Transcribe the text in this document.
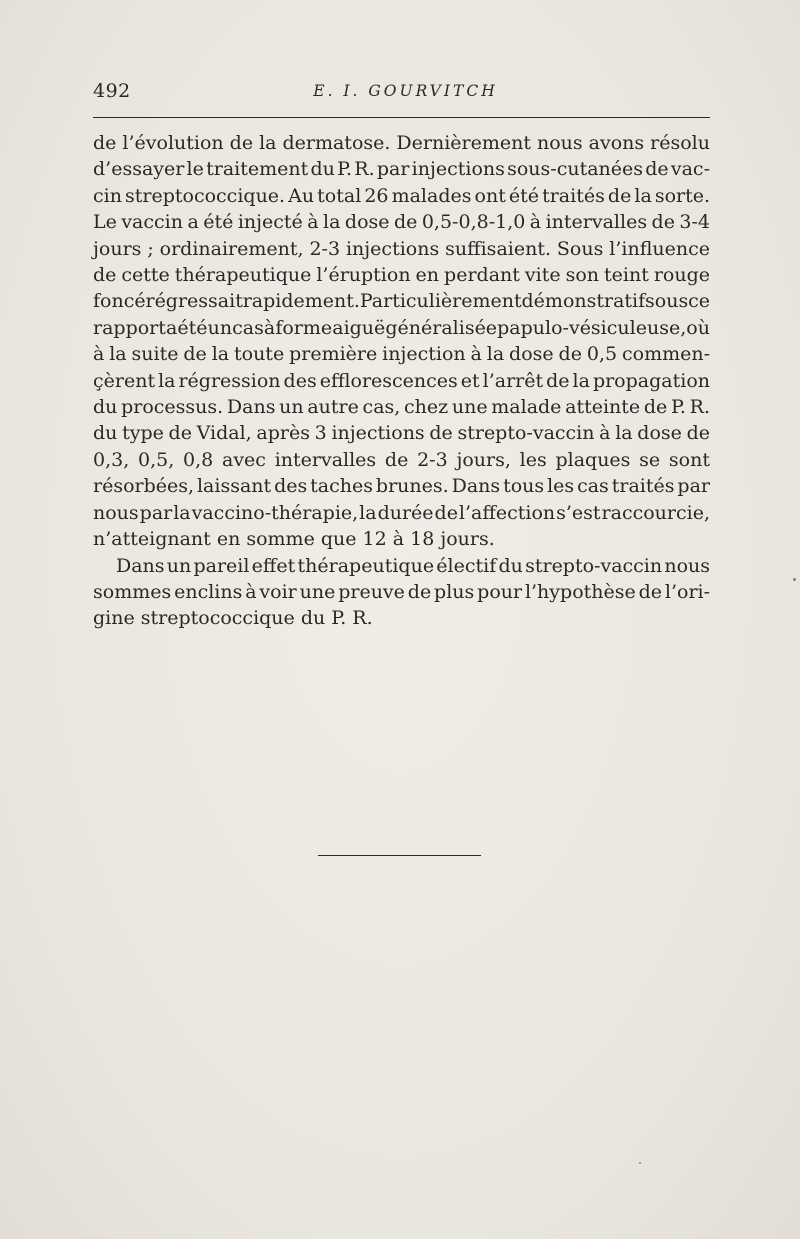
492	E. I. GOURVITCH

de l’évolution de la dermatose. Dernièrement nous avons résolu
d’essayer le traitement du P. R. par injections sous-cutanées de vac-
cin streptococcique. Au total 26 malades ont été traités de la sorte.
Le vaccin a été injecté à la dose de 0,5-0,8-1,0 à intervalles de 3-4
jours ; ordinairement, 2-3 injections suffisaient. Sous l’influence
de cette thérapeutique l’éruption en perdant vite son teint rouge
foncé régressait rapidement. Particulièrement démonstratif sous ce
rapport a été un cas à forme aiguë généralisée papulo-vésiculeuse, où
à la suite de la toute première injection à la dose de 0,5 commen-
çèrent la régression des efflorescences et l’arrêt de la propagation
du processus. Dans un autre cas, chez une malade atteinte de P. R.
du type de Vidal, après 3 injections de strepto-vaccin à la dose de
0,3, 0,5, 0,8 avec intervalles de 2-3 jours, les plaques se sont
résorbées, laissant des taches brunes. Dans tous les cas traités par
nous par la vaccino-thérapie, la durée de l’affection s’est raccourcie,
n’atteignant en somme que 12 à 18 jours.

Dans un pareil effet thérapeutique électif du strepto-vaccin nous
sommes enclins à voir une preuve de plus pour l’hypothèse de l’ori-
gine streptococcique du P. R.
